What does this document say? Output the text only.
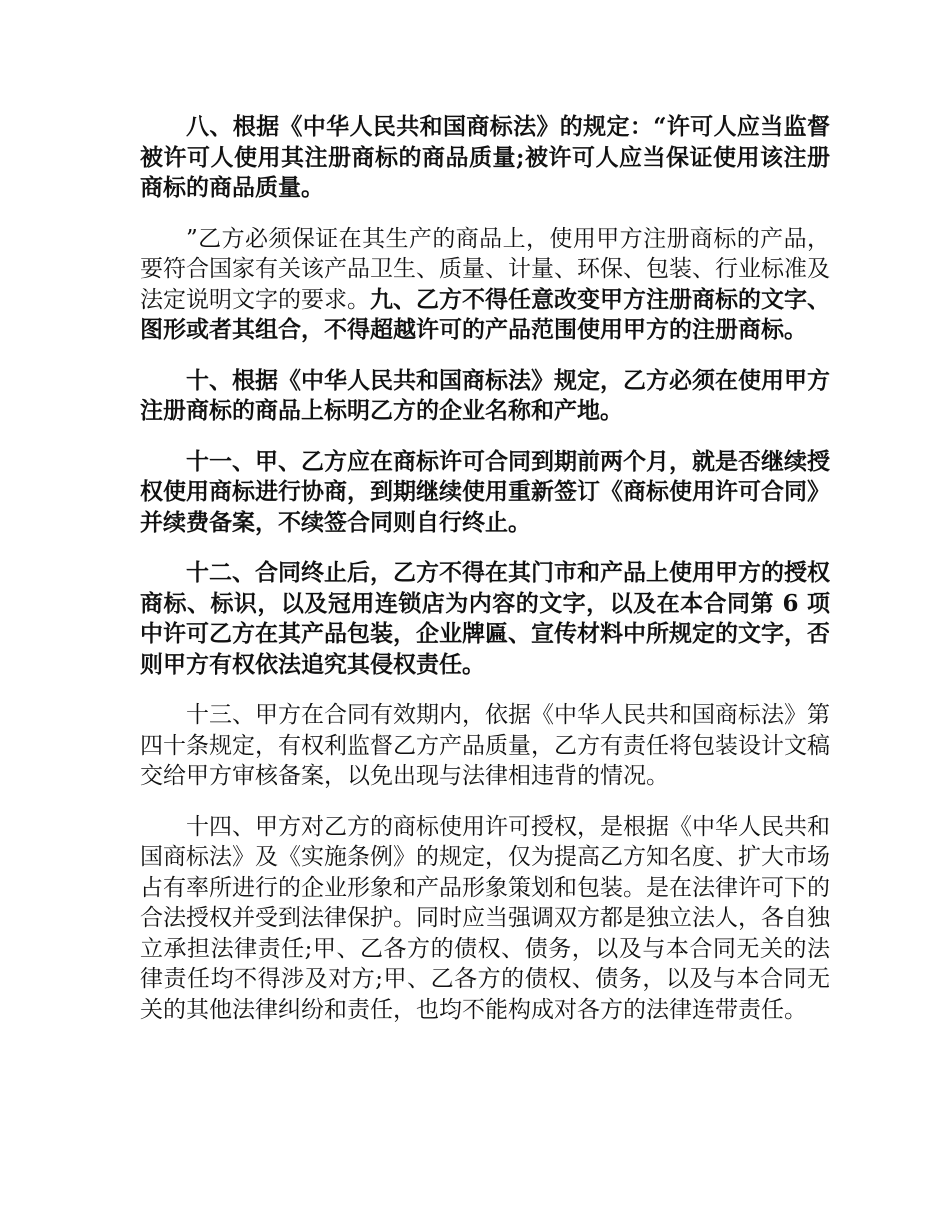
八、根据《中华人民共和国商标法》的规定：“许可人应当监督被许可人使用其注册商标的商品质量;被许可人应当保证使用该注册商标的商品质量。

”乙方必须保证在其生产的商品上，使用甲方注册商标的产品，要符合国家有关该产品卫生、质量、计量、环保、包装、行业标准及法定说明文字的要求。九、乙方不得任意改变甲方注册商标的文字、图形或者其组合，不得超越许可的产品范围使用甲方的注册商标。

十、根据《中华人民共和国商标法》规定，乙方必须在使用甲方注册商标的商品上标明乙方的企业名称和产地。

十一、甲、乙方应在商标许可合同到期前两个月，就是否继续授权使用商标进行协商，到期继续使用重新签订《商标使用许可合同》并续费备案，不续签合同则自行终止。

十二、合同终止后，乙方不得在其门市和产品上使用甲方的授权商标、标识，以及冠用连锁店为内容的文字，以及在本合同第 6 项中许可乙方在其产品包装，企业牌匾、宣传材料中所规定的文字，否则甲方有权依法追究其侵权责任。

十三、甲方在合同有效期内，依据《中华人民共和国商标法》第四十条规定，有权利监督乙方产品质量，乙方有责任将包装设计文稿交给甲方审核备案，以免出现与法律相违背的情况。

十四、甲方对乙方的商标使用许可授权，是根据《中华人民共和国商标法》及《实施条例》的规定，仅为提高乙方知名度、扩大市场占有率所进行的企业形象和产品形象策划和包装。是在法律许可下的合法授权并受到法律保护。同时应当强调双方都是独立法人，各自独立承担法律责任;甲、乙各方的债权、债务，以及与本合同无关的法律责任均不得涉及对方;甲、乙各方的债权、债务，以及与本合同无关的其他法律纠纷和责任，也均不能构成对各方的法律连带责任。
